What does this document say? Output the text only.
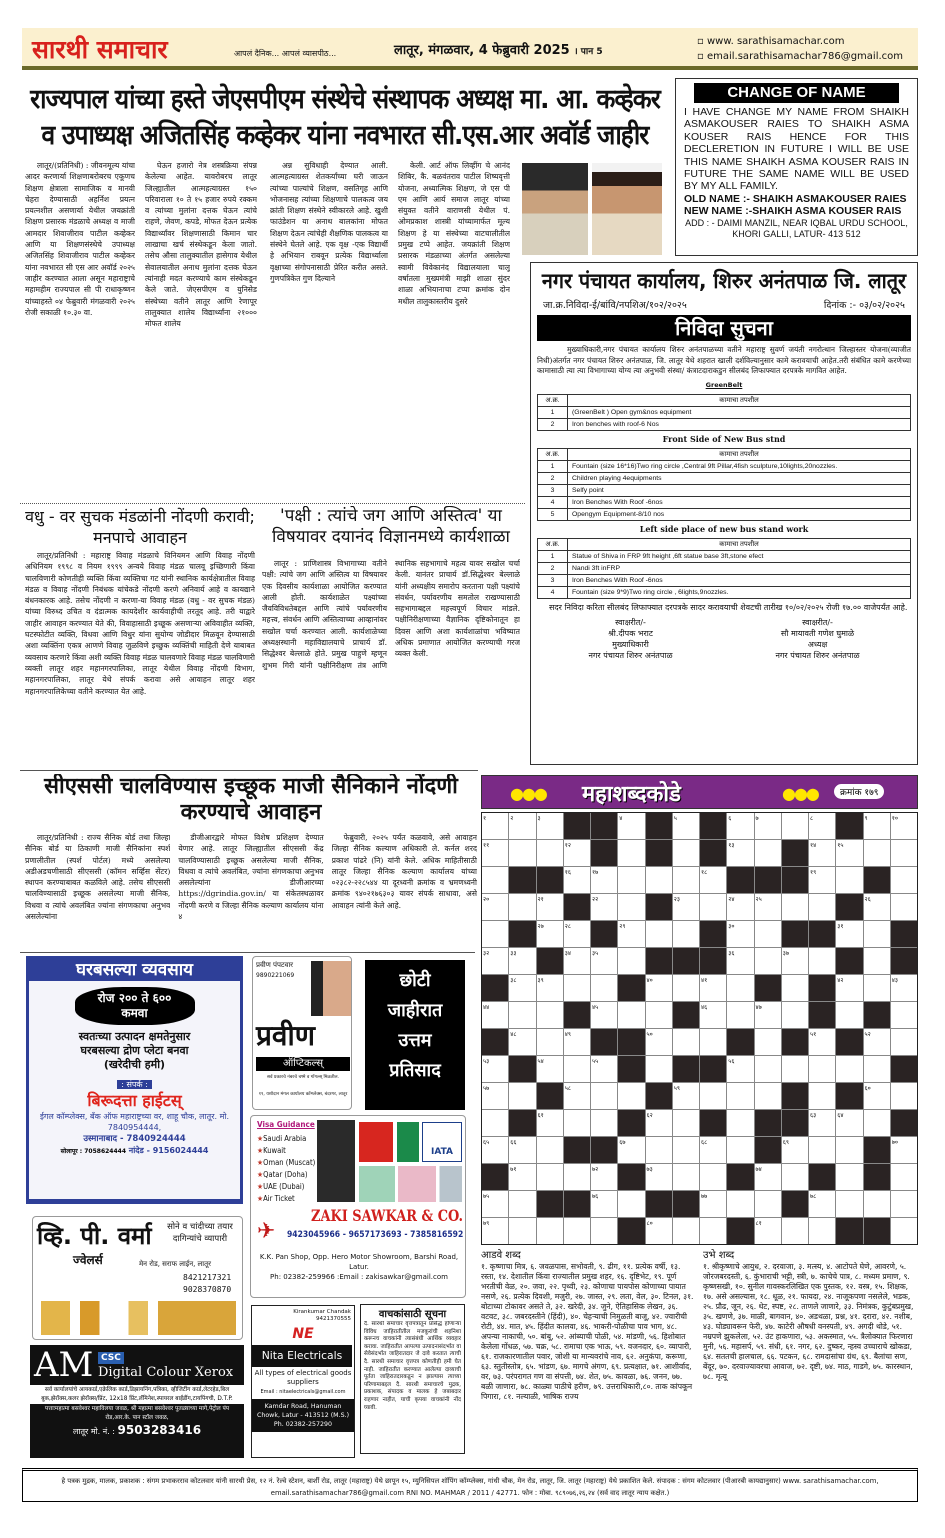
सारथी समाचार	आपलं दैनिक... आपलं व्यासपीठ...	लातूर, मंगळवार, 4 फेब्रुवारी 2025 । पान 5
▫ www. sarathisamachar.com
▫ email.sarathisamachar786@gmail.com
राज्यपाल यांच्या हस्ते जेएसपीएम संस्थेचे संस्थापक अध्यक्ष मा. आ. कव्हेकर व उपाध्यक्ष अजितसिंह कव्हेकर यांना नवभारत सी.एस.आर अवॉर्ड जाहीर

लातूर/(प्रतिनिधी) : जीवनमूल्य यांचा आदर करणार्या शिक्षणाबरोबरच एकूणच शिक्षण क्षेत्राला सामाजिक व मानवी चेहरा देण्यासाठी अहर्निश प्रयत्न प्रयत्नशील असणार्या येथील जयक्रांती शिक्षण प्रसारक मंडळाचे अध्यक्ष व माजी आमदार शिवाजीराव पाटील कव्हेकर आणि या शिक्षणसंस्थेचे उपाध्यक्ष अजितसिंह शिवाजीराव पाटील कव्हेकर यांना नवभारत सी एस आर अवॉर्ड २०२५ जाहीर करण्यात आला असून महाराष्ट्राचे महामहीम राज्यपाल सी पी राधाकृष्णन यांच्याहस्ते ०४ फेब्रुवारी मंगळवारी २०२५ रोजी सकाळी १०.३० वा.

घेऊन हजारो नेत्र शस्त्रक्रिया संपन्न केलेल्या आहेत. यावरोबरच लातूर जिल्ह्यातील आत्महत्याग्रस्त १५० परिवाराला १० ते १५ हजार रुपये रक्कम व त्यांच्या मुलांना दत्तक घेऊन त्यांचे राहणे, जेवण, कपडे, मोफत देऊन प्रत्येक विद्यार्थ्यांवर शिक्षणासाठी किमान चार लाखाचा खर्च संस्थेकडून केला जातो. तसेच औसा तालुक्यातील हासेगाव येथील सेवालयातील अनाथ मुलांना दत्तक घेऊन त्यांनाही मदत करण्याचे काम संस्थेकडून केले जाते. जेएसपीएम व युनिसेड संस्थेच्या वतीने लातूर आणि रेणापूर तालुक्यात शालेय विद्यार्थ्यांना २१००० मोफत शालेय

अन्न सुविधाही देण्यात आली. आत्महत्याग्रस्त शेतकर्यांच्या घरी जाऊन त्यांच्या पाल्यांचे शिक्षण, वसतिगृह आणि भोजनासह त्यांच्या शिक्षणाचे पालकत्व जय क्रांती शिक्षण संस्थेने स्वीकारले आहे. खुशी फाउंडेशन या अनाथ बालकांना मोफत शिक्षण देऊन त्यांचेही शैक्षणिक पालकत्व या संस्थेने घेतले आहे. एक वृक्ष -एक विद्यार्थी हे अभियान राबवून प्रत्येक विद्यार्थ्याला वृक्षाच्या संगोपनासाठी प्रेरित करीत असते. गुणपत्रिकेत गुण दिल्याने

केली. आर्ट ऑफ लिव्हींग चे आनंद शिबिर, कै. बळवंतराव पाटील शिष्यवृत्ती योजना, अध्यात्मिक शिक्षण, जे एस पी एम आणि आर्य समाज लातूर यांच्या संयुक्त वतीने वाराणसी येथील पं. ओमप्रकाश शास्त्री यांच्यामार्फत मूल्य शिक्षण हे या संस्थेच्या वाटचालीतील प्रमुख टप्पे आहेत. जयक्रांती शिक्षण प्रसारक मंडळाच्या अंतर्गत असलेल्या स्वामी विवेकानंद विद्यालयाला चालू वर्षातला मुख्यमंत्री माझी शाळा सुंदर शाळा अभियानाचा टप्पा क्रमांक दोन मधील तालुकास्तरीय दुसरे

CHANGE OF NAME
I HAVE CHANGE MY NAME FROM SHAIKH ASMAKOUSER RAIES TO SHAIKH ASMA KOUSER RAIS HENCE FOR THIS DECLERETION IN FUTURE I WILL BE USE THIS NAME SHAIKH ASMA KOUSER RAIS IN FUTURE THE SAME NAME WILL BE USED BY MY ALL FAMILY.
OLD NAME :- SHAIKH ASMAKOUSER RAIES
NEW NAME :-SHAIKH ASMA KOUSER RAIS
ADD : - DAIMI MANZIL, NEAR IQBAL URDU SCHOOL, KHORI GALLI, LATUR- 413 512
नगर पंचायत कार्यालय, शिरुर अनंतपाळ जि. लातूर
जा.क्र.निविदा-ई/बांवि/नपशिअ/१०२/२०२५	दिनांक :- ०३/०२/२०२५
निविदा सुचना

मुख्याधिकारी,नगर पंचायत कार्यालय शिरुर अनंतपाळच्या वतीने महाराष्ट्र सुवर्ण जयंती नगरोत्थान जिल्हास्तर योजना(व्याजीत निधी)अंतर्गत नगर पंचायत शिरुर अनंतपाळ, जि. लातूर येथे शहरात खाली दर्शविल्यानुसार कामे करावयाची आहेत.तरी संबंधित कामे करणेच्या कामासाठी त्या त्या विभागाच्या योग्य त्या अनुभवी संस्था/ कंत्राटदाराकडुन सीलबंद लिफाफ्यात दरपत्रके मागवित आहेत.

GreenBelt
अ.क्र.	कामाचा तपशील
1	(GreenBelt ) Open gym&nos equipment
2	Iron benches with roof-6 Nos
Front Side of New Bus stnd
अ.क्र.	कामाचा तपशील
1	Fountain (size 16*16)Two ring circle ,Central 9ft Pillar,4fish sculpture,10lights,20nozzles.
2	Children playing 4equipments
3	Selfy point
4	Iron Benches With Roof -6nos
5	Opengym Equipment-8/10 nos
Left side place of new bus stand work
अ.क्र.	कामाचा तपशील
1	Statue of Shiva in FRP 9ft height ,6ft statue base 3ft,stone efect
2	Nandi 3ft inFRP
3	Iron Benches With Roof -6nos
4	Fountain (size 9*9)Two ring circle , 6lights,9nozzles.

सदर निविदा करिता सीलबंद लिफाफ्यात दरपत्रके सादर करावयाची शेवटची तारीख १०/०२/२०२५ रोजी १७.०० वाजेपर्यंत आहे.

स्वाक्षरीत/-
श्री.दीपक भराट
मुख्याधिकारी
नगर पंचायत शिरुर अनंतपाळ
स्वाक्षरीत/-
सौ मायावती गणेश घुमाळे
अध्यक्ष
नगर पंचायत शिरुर अनंतपाळ
वधु - वर सुचक मंडळांनी नोंदणी करावी; मनपाचे आवाहन

लातूर/प्रतिनिधी : महाराष्ट्र विवाह मंडळाचे विनियमन आणि विवाह नोंदणी अधिनियम १९९८ व नियम १९९९ अन्वये विवाह मंडळ चालवू इच्छिणारी किंवा चालविणारी कोणतीही व्यक्ति किंवा व्यक्तिचा गट यांनी स्थानिक कार्यक्षेत्रातील विवाह मंडळ व विवाह नोंदणी निबंधक यांचेकडे नोंदणी करणे अनिवार्य आहे व कायद्याने बंधनकारक आहे. तसेच नोंदणी न करणा-या विवाह मंडळ (वधु - वर सुचक मंडळ) यांच्या विरुध्द उचित व दंडात्मक कायदेशीर कार्यवाहीची तरतूद आहे. तरी याद्वारे जाहीर आवाहन करण्यात येते की, विवाहासाठी इच्छूक असणाऱ्या अविवाहीत व्यक्ति, घटस्फोटीत व्यक्ति, विधवा आणि विधुर यांना सुयोग्य जोडीदार मिळवून देण्यासाठी अशा व्यक्तिंना एकत्र आणणे विवाह जुळविणे इच्छुक व्यक्तिंची माहिती देणे याबाबत व्यवसाय करणारे किंवा अशी व्यक्ति विवाह मंडळ चालवणारे विवाह मंडळ चालविणारी व्यक्ती लातूर शहर महानगरपालिका, लातूर येथील विवाह नोंदणी विभाग, महानगरपालिका, लातूर येथे संपर्क करावा असे आवाहन लातूर शहर महानगरपालिकेच्या वतीने करण्यात येत आहे.

'पक्षी : त्यांचे जग आणि अस्तित्व' या विषयावर दयानंद विज्ञानमध्ये कार्यशाळा

लातूर : प्राणिशास्त्र विभागाच्या वतीने पक्षी: त्यांचे जग आणि अस्तित्व या विषयावर एक दिवसीय कार्यशाळा आयोजित करण्यात आली होती. कार्यशाळेत पक्ष्यांच्या जैवविविधतेबद्दल आणि त्यांचे पर्यावरणीय महत्त्व, संवर्धन आणि अस्तित्वाच्या आव्हानांवर सखोल चर्चा करण्यात आली. कार्यशाळेच्या अध्यक्षस्थानी महाविद्यालयाचे प्राचार्य डॉ. सिद्धेश्वर बेल्लाळे होते. प्रमुख पाहुणे म्हणून शुभम गिरी यांनी पक्षीनिरीक्षण तंत्र आणि स्थानिक सहभागाचे महत्व यावर सखोल चर्चा केली. यानंतर प्राचार्य डॉ.सिद्धेश्वर बेल्लाळे यांनी अध्यक्षीय समारोप करताना पक्षी पक्ष्यांचे संवर्धन, पर्यावरणीय समतोल राखण्यासाठी सहभागाबद्दल महत्त्वपूर्ण विचार मांडले. पक्षीनिरीक्षणाच्या वैज्ञानिक दृष्टिकोनातून हा दिवस आणि अशा कार्यशाळांचा भविष्यात अधिक प्रमाणात आयोजित करण्याची गरज व्यक्त केली.

सीएससी चालविण्यास इच्छूक माजी सैनिकाने नोंदणी करण्याचे आवाहन

लातूर/प्रतिनिधी : राज्य सैनिक बोर्ड तथा जिल्हा सैनिक बोर्ड या ठिकाणी माजी सैनिकांना स्पर्श प्रणालीतील (स्पर्श पोर्टल) मध्ये असलेल्या अडीअडचणीसाठी सीएससी (कॉमन सर्व्हिस सेंटर) स्थापन करण्याबाबत कळविले आहे. तसेच सीएससी चालविण्यासाठी इच्छूक असलेल्या माजी सैनिक, विधवा व त्यांचे अवलंबित ज्यांना संगणकाचा अनुभव असलेल्यांना

डीजीआरद्वारे मोफत विशेष प्रशिक्षण देण्यात येणार आहे. लातूर जिल्ह्यातील सीएससी केंद्र चालविण्यासाठी इच्छूक असलेल्या माजी सैनिक, विधवा व त्यांचे अवलंबित, ज्यांना संगणकाचा अनुभव असलेल्यांना डीजीआरच्या https://dgrindia.gov.in/ या संकेतस्थळावर नोंदणी करणे व जिल्हा सैनिक कल्याण कार्यालय यांना ४

फेब्रुवारी, २०२५ पर्यंत कळवावे, असे आवाहन जिल्हा सैनिक कल्याण अधिकारी ले. कर्नल शरद प्रकाश पांढरे (नि) यांनी केले. अधिक माहितीसाठी लातूर जिल्हा सैनिक कल्याण कार्यालय यांच्या ०२३८२-२२८५४४ या दूरध्वनी क्रमांक व भ्रमणध्वनी क्रमांक ९४०२१७६३०३ यावर संपर्क साधावा, असे आवाहन त्यांनी केले आहे.

●●● महाशब्दकोडे	●●●	क्रमांक १७९
१	२	३	४	५	६	७	८	९	१०
११	१२	१३	१४	१५
१६	१७	१८	१९
२०	२१	२२	२३	२४	२५	२६
२७	२८	२९	३०	३१
३२	३३	३४	३५	३६	३७
३८	३९	४०	४१	४२	४३
४४	४५	४६	४७
४८	४९	५०	५१	५२
५३	५४	५५	५६
५७	५८	५९	६०
६१	६२	६३	६४
६५	६६	६७	६८	६९	७०
७१	७२	७३	७४
७५	७६	७७	७८
७९	८०	८१
आडवे शब्द

१. कृष्णाचा मित्र, ६. जवळपास, सभोवती, ९. ढीग, ११. प्रत्येक वर्षी, १३. रस्ता, १४. देशातील किंवा राज्यातील प्रमुख शहर, १६. दृष्टिभेट, १९. पूर्ण भरतीची वेळ, २०. जवा, २२. पृथ्वी, २३. कोणाचा पायपोस कोणाच्या पायात नसणे, २६. प्रत्येक दिवशी, मजुरी, २७. जास्त, २९. लता, वेल, ३०. टिनल, ३१. बोटाच्या टोकावर असते ते, ३२. खरेदी, ३४. जुने, ऐतिहासिक लेखन, ३६. वटवट, ३८. जबरदस्तीने (हिंदी), ४०. चेहऱ्याची निमुळती बाजू, ४२. ज्वारीची रोटी, ४४. मात, ४५. हिंदीत कालवा, ४६. भाकरी-पोळीचा पाव भाग, ४८. अपन्या नाकाची, ५०. बांबू, ५२. आंब्याची पोळी, ५४. मांडणी, ५६. हिशोबात केलेला गोंधळ, ५७. चक्र, ५८. रामाचा एक भाऊ, ५९. वजनदार, ६०. व्यापारी, ६१. राजकारणातील पवार, जोशी या मान्यवरांचे नाव, ६२. अनुकंपा, करूणा, ६३. स्तुतीस्तोत्र, ६५. भांडण, ६७. मागचे अंगण, ६९. प्रत्यक्षात, ७१. आशीर्वाद, वर, ७३. परंपरागत गण वा संपत्ती, ७४. शेत, ७५. कावळा, ७६. जनन, ७७. बळी जाणारा, ७८. काळ्या पाठीचे हरीण, ७९. उत्तराधिकारी,८०. ताक कांपकून पिगारा, ८१. नल्याळी, भाषिक राज्य

उभे शब्द

१. श्रीकृष्णाचे आयुध, २. दरवाजा, ३. मत्स्य, ४. आटोपते घेणे, आवरणे, ५. जोरजबरदस्ती, ६. कुंभाराची भट्टी, स्त्री, ७. काचेचे पात्र, ८. मध्यम प्रमाण, ९. कृष्णसखी, १०. सुनील गावस्करलिखित एक पुस्तक, १२. वस्त्र, १५. शिक्षक, १७. असे असल्यास, १८. धूळ, २१. फायदा, २४. नाजूकपणा नसलेले, भडक, २५. प्रौढ, जून, २६. थेट, स्पष्ट, २८. ताणले जाणारे, ३३. निमंत्रक, कुटुंबप्रमुख, ३५. खणणे, ३७. माळी, बागवान, ४०. अडथळा, प्रश्न, ४१. दरारा, ४२. नशीब, ४३. घोड्यावरून फेरी, ४७. काटेरी औषधी वनस्पती, ४९. अगदी थोडे, ५१. नम्रपणे झुकलेला, ५२. उंट हाकणारा, ५३. अकस्मात, ५५. त्रैलोक्यात फिरणारा मुनी, ५६. महासर्प, ५९. संधी, ६१. नगर, ६२. दुष्कर, न्हस्व उच्चाराचे खोकडा, ६४. सततची हालचाल, ६६. पटकन, ६८. रामदासांचा ग्रंथ, ६९. बैलांचा सण, बेंदूर, ७०. दरवाज्यावरचा आवाज, ७२. दृष्टी, ७४. माठ, गाडगे, ७५. कारस्थान, ७८. मृत्यू

घरबसल्या व्यवसाय
रोज २०० ते ६०० कमवा
स्वतःच्या उत्पादन क्षमतेनुसार
घरबसल्या द्रोण प्लेटा बनवा
(खरेदीची हमी)
: संपर्क :
बिरूदत्ता हाईटस्
ईगल कॉम्प्लेक्स, बँक ऑफ महाराष्ट्रच्या वर, शाहू चौक, लातूर. मो. 7840954444,
उस्मानाबाद - 7840924444
सोलापूर : 7058624444 नांदेड - 9156024444
प्रवीण पंपटवार
9890221069
प्रवीण
ऑप्टिकल्स्
सर्व प्रकारचे नंबरचे चष्मे व गॉगल्स् मिळतील.
१९, यशोदान मंगल कार्यालय कॉम्प्लेक्स, बंदरगर, लातूर
छोटी
जाहीरात
उत्तम
प्रतिसाद
Visa Guidance
★Saudi Arabia
★Kuwait
★Oman (Muscat)
★Qatar (Doha)
★UAE (Dubai)
★Air Ticket
IATA
✈
ZAKI SAWKAR & CO.
9423045966 - 9657173693 - 7385816592
K.K. Pan Shop, Opp. Hero Motor Showroom, Barshi Road, Latur.
Ph: 02382-259966 :Email : zakisawkar@gmail.com
व्हि. पी. वर्मा
ज्वेलर्स
सोने व चांदीच्या तयार दागिन्यांचे व्यापारी
मेन रोड, सराफ लाईन, लातूर
8421217321
9028370870
AM CSC
Digital Colour Xerox
सर्व कार्यालयांचे आयकार्ड,एक्रेलिक कार्ड,डिझायनिंग,पत्रिका, व्हीजिटींग कार्ड,लेटरहेड,बिल बुक,झेरॉक्स,कलर झेरॉक्स/प्रिंट, 12x18 प्रिंट,लॅमिनेश,स्पायरल बाईंडींग,टायपिंगची, D.T.P.
पत्ताःमहात्मा बसवेश्वर महाविलया जवळ, श्री महात्मा बसवेश्वर पुतळ्याच्या मागे,पेट्रोल पंप रोड,आर.के. पान स्टॉल जवळ,
लातूर मो. नं. : 9503283416
Kirankumar Chandak
9421370555
NE
Nita Electricals
All types of electrical goods suppliers
Email : nitaelectricals@gmail.com
Kamdar Road, Hanuman Chowk, Latur - 413512 (M.S.) Ph. 02382-257290
वाचकांसाठी सूचना
दै. सारथी समाचार वृत्तपत्रातून प्रसिद्ध होणाऱ्या विविध जाहिरातीतील मजकुरांची शहनिशा करूनच वाचकांनी त्यासंबंधी आर्थिक व्यवहार करावा. जाहिरातीत आपल्या उत्पादनासंदर्भात वा सेवेसंदर्भात जाहिरातदार जे दावे करतात त्याची दै. सारथी समाचार वृत्तपत्र कोणतीही हमी घेत नाही. जाहिरातीत करण्यात आलेल्या दाव्याची पूर्तता जाहिरातदारकडून न झाल्यास त्याच्या परिणामाबद्दल दै. सारथी समाचारचे मुद्रक, प्रकाशक, संपादक व मालक हे जबाबदार राहणार नाहीत, याची कृपया वाचकांनी नोंद घ्यावी.
हे पत्रक मुद्रक, मालक, प्रकाशक : संगम प्रभाकरराव कोटलवार यांनी सारथी प्रेस, १२ नं. रेल्वे स्टेशन, बार्शी रोड, लातूर (महाराष्ट्र) येथे छापून १५, म्युनिसिपल शॉपिंग कॉम्प्लेक्स, गांधी चौक, मेन रोड, लातूर, जि. लातूर (महाराष्ट्र) येथे प्रकाशित केले. संपादक : संगम कोटलवार (पीआरबी कायद्यानुसार) www. sarathisamachar.com, email.sarathisamachar786@gmail.com RNI NO. MAHMAR / 2011 / 42771. फोन : मोबा. ९८९०७६,२६,२४ (सर्व वाद लातूर न्याय कक्षेत.)
